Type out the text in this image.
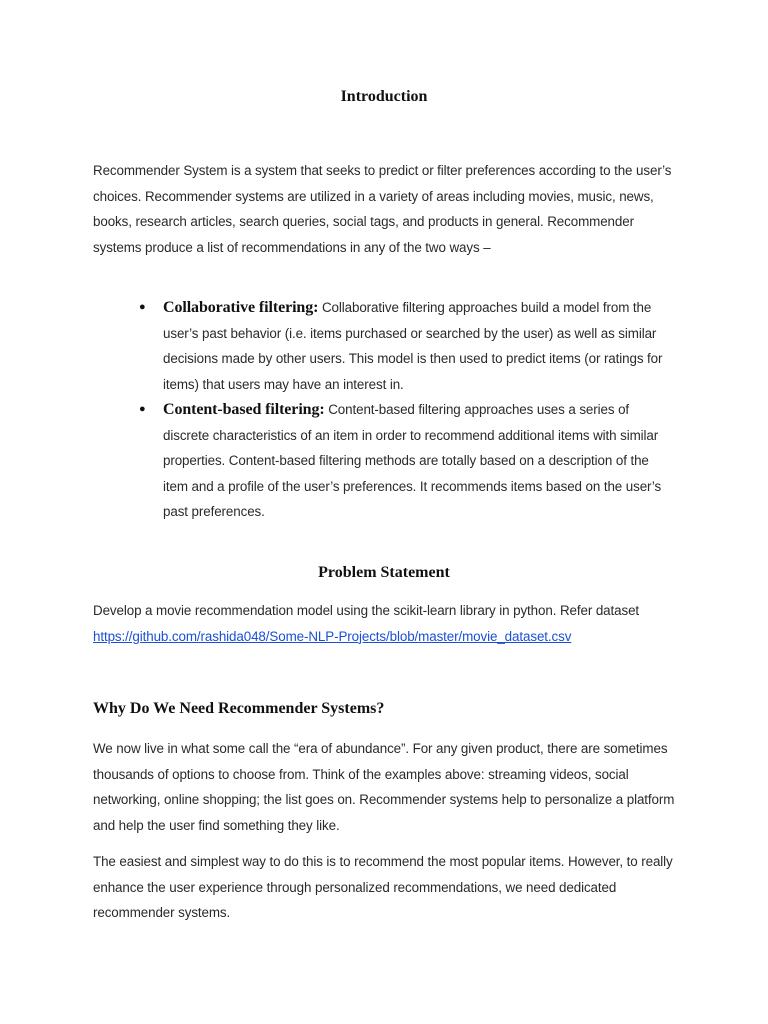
Introduction

Recommender System is a system that seeks to predict or filter preferences according to the user’s choices. Recommender systems are utilized in a variety of areas including movies, music, news, books, research articles, search queries, social tags, and products in general. Recommender systems produce a list of recommendations in any of the two ways –

● Collaborative filtering: Collaborative filtering approaches build a model from the user’s past behavior (i.e. items purchased or searched by the user) as well as similar decisions made by other users. This model is then used to predict items (or ratings for items) that users may have an interest in.
● Content-based filtering: Content-based filtering approaches uses a series of discrete characteristics of an item in order to recommend additional items with similar properties. Content-based filtering methods are totally based on a description of the item and a profile of the user’s preferences. It recommends items based on the user’s past preferences.
Problem Statement

Develop a movie recommendation model using the scikit-learn library in python. Refer dataset https://github.com/rashida048/Some-NLP-Projects/blob/master/movie_dataset.csv

Why Do We Need Recommender Systems?

We now live in what some call the “era of abundance”. For any given product, there are sometimes thousands of options to choose from. Think of the examples above: streaming videos, social networking, online shopping; the list goes on. Recommender systems help to personalize a platform and help the user find something they like.

The easiest and simplest way to do this is to recommend the most popular items. However, to really enhance the user experience through personalized recommendations, we need dedicated recommender systems.
